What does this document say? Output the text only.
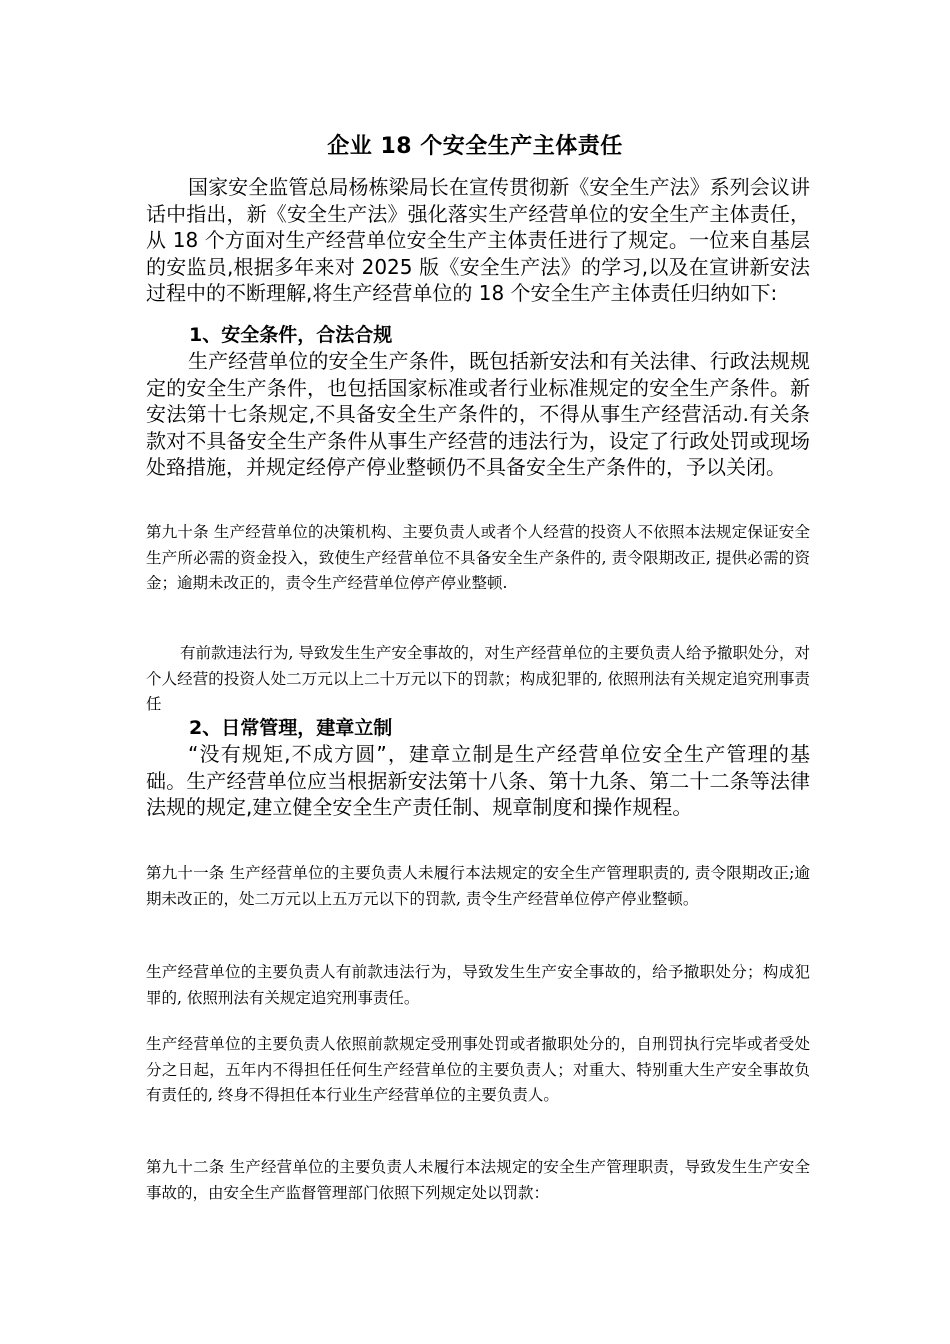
企业 18 个安全生产主体责任

国家安全监管总局杨栋梁局长在宣传贯彻新《安全生产法》系列会议讲话中指出，新《安全生产法》强化落实生产经营单位的安全生产主体责任，从 18 个方面对生产经营单位安全生产主体责任进行了规定。一位来自基层的安监员,根据多年来对 2025 版《安全生产法》的学习,以及在宣讲新安法过程中的不断理解,将生产经营单位的 18 个安全生产主体责任归纳如下:

1、安全条件，合法合规

生产经营单位的安全生产条件，既包括新安法和有关法律、行政法规规定的安全生产条件，也包括国家标准或者行业标准规定的安全生产条件。新安法第十七条规定,不具备安全生产条件的，不得从事生产经营活动.有关条款对不具备安全生产条件从事生产经营的违法行为，设定了行政处罚或现场处臵措施，并规定经停产停业整顿仍不具备安全生产条件的，予以关闭。

第九十条 生产经营单位的决策机构、主要负责人或者个人经营的投资人不依照本法规定保证安全生产所必需的资金投入，致使生产经营单位不具备安全生产条件的, 责令限期改正, 提供必需的资金；逾期未改正的，责令生产经营单位停产停业整顿.

有前款违法行为, 导致发生生产安全事故的，对生产经营单位的主要负责人给予撤职处分，对个人经营的投资人处二万元以上二十万元以下的罚款；构成犯罪的, 依照刑法有关规定追究刑事责任

2、日常管理，建章立制

“没有规矩,不成方圆”，建章立制是生产经营单位安全生产管理的基础。生产经营单位应当根据新安法第十八条、第十九条、第二十二条等法律法规的规定,建立健全安全生产责任制、规章制度和操作规程。

第九十一条 生产经营单位的主要负责人未履行本法规定的安全生产管理职责的, 责令限期改正;逾期未改正的，处二万元以上五万元以下的罚款, 责令生产经营单位停产停业整顿。

生产经营单位的主要负责人有前款违法行为，导致发生生产安全事故的，给予撤职处分；构成犯罪的, 依照刑法有关规定追究刑事责任。

生产经营单位的主要负责人依照前款规定受刑事处罚或者撤职处分的，自刑罚执行完毕或者受处分之日起，五年内不得担任任何生产经营单位的主要负责人；对重大、特别重大生产安全事故负有责任的, 终身不得担任本行业生产经营单位的主要负责人。

第九十二条 生产经营单位的主要负责人未履行本法规定的安全生产管理职责，导致发生生产安全事故的，由安全生产监督管理部门依照下列规定处以罚款：
